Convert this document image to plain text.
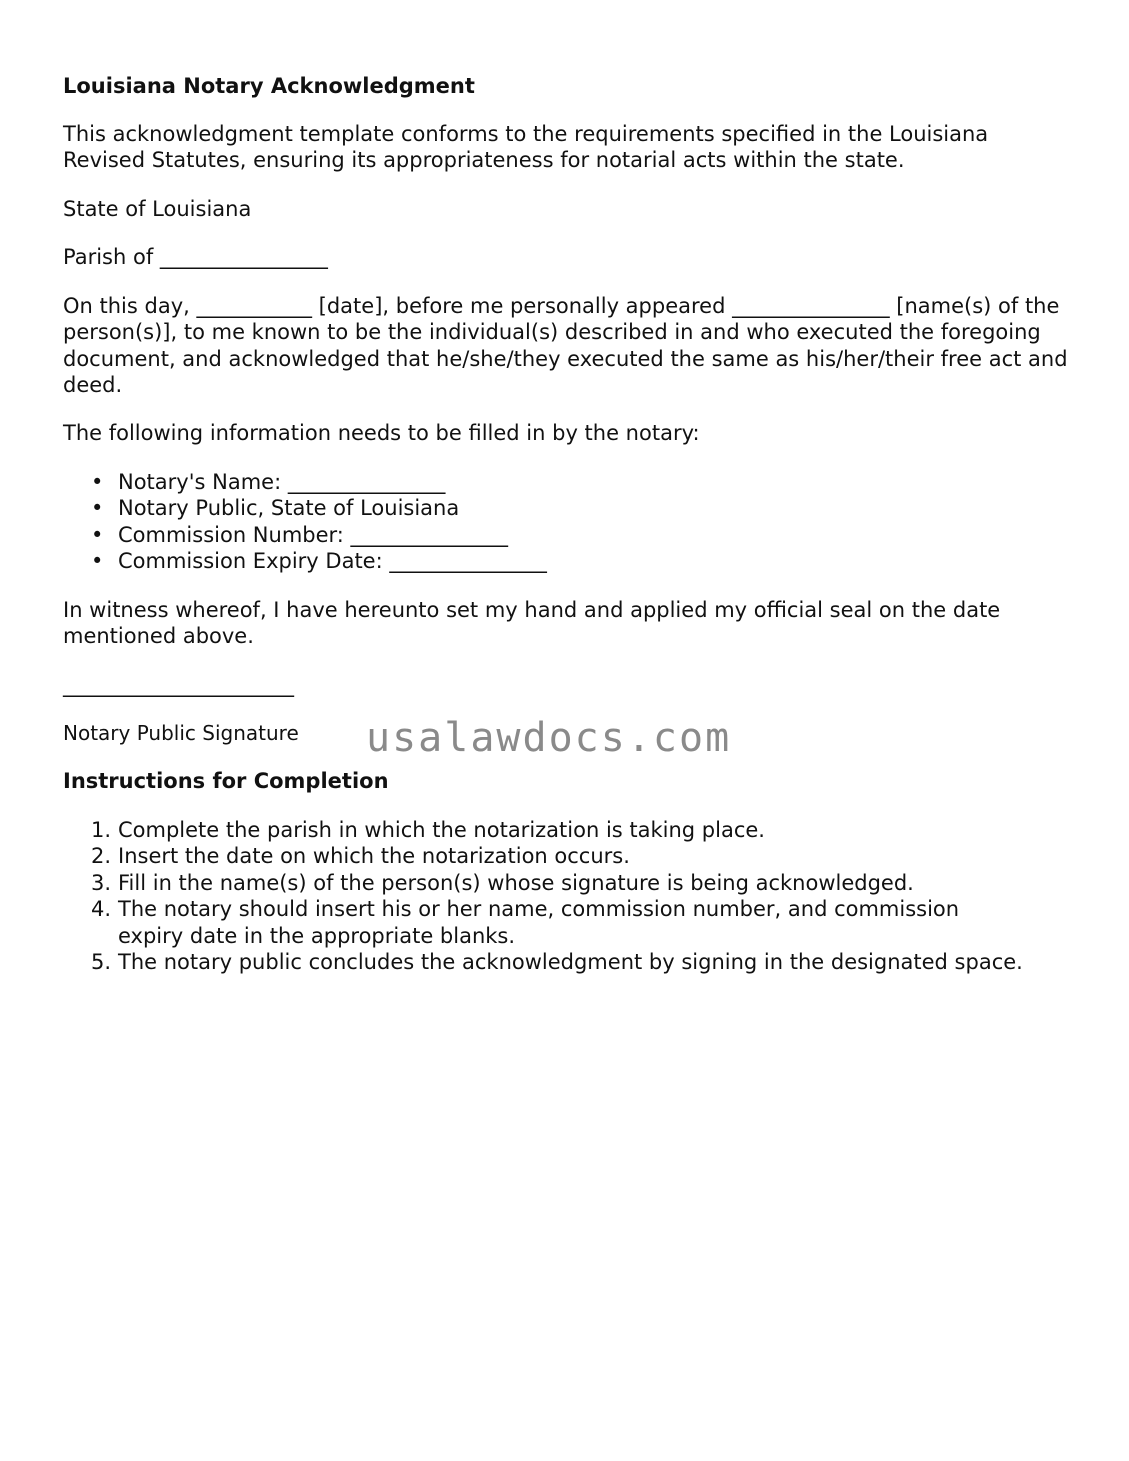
Louisiana Notary Acknowledgment
This acknowledgment template conforms to the requirements specified in the Louisiana Revised Statutes, ensuring its appropriateness for notarial acts within the state.
State of Louisiana
Parish of ________________
On this day, ___________ [date], before me personally appeared _______________ [name(s) of the person(s)], to me known to be the individual(s) described in and who executed the foregoing document, and acknowledged that he/she/they executed the same as his/her/their free act and deed.
The following information needs to be filled in by the notary:
• Notary's Name: _______________
• Notary Public, State of Louisiana
• Commission Number: _______________
• Commission Expiry Date: _______________
In witness whereof, I have hereunto set my hand and applied my official seal on the date mentioned above.
______________________
Notary Public Signature
Instructions for Completion
1. Complete the parish in which the notarization is taking place.
2. Insert the date on which the notarization occurs.
3. Fill in the name(s) of the person(s) whose signature is being acknowledged.
4. The notary should insert his or her name, commission number, and commission expiry date in the appropriate blanks.
5. The notary public concludes the acknowledgment by signing in the designated space.
usalawdocs.com
